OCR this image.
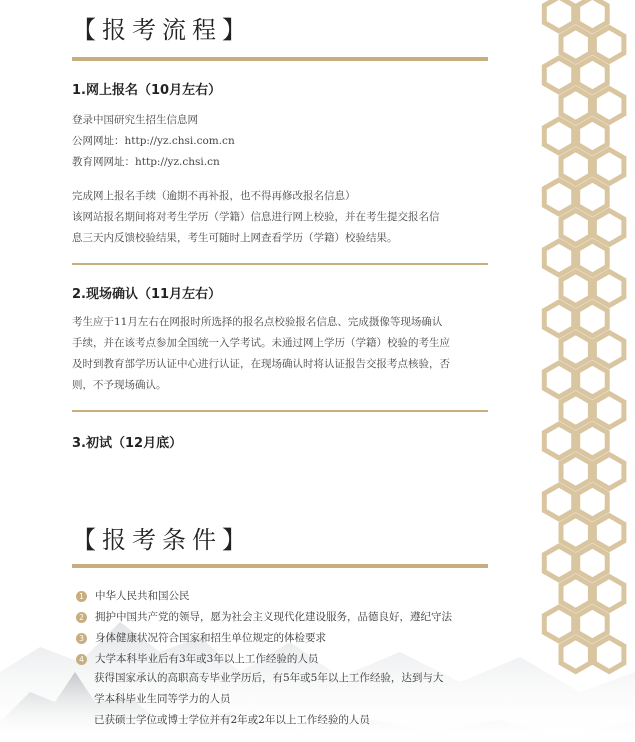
【报考流程】
1.网上报名（10月左右）
登录中国研究生招生信息网
公网网址：http://yz.chsi.com.cn
教育网网址：http://yz.chsi.cn
完成网上报名手续（逾期不再补报，也不得再修改报名信息）
该网站报名期间将对考生学历（学籍）信息进行网上校验，并在考生提交报名信
息三天内反馈校验结果，考生可随时上网查看学历（学籍）校验结果。
2.现场确认（11月左右）
考生应于11月左右在网报时所选择的报名点校验报名信息、完成摄像等现场确认
手续，并在该考点参加全国统一入学考试。未通过网上学历（学籍）校验的考生应
及时到教育部学历认证中心进行认证，在现场确认时将认证报告交报考点核验，否
则，不予现场确认。
3.初试（12月底）
【报考条件】
1 中华人民共和国公民
2 拥护中国共产党的领导，愿为社会主义现代化建设服务，品德良好，遵纪守法
3 身体健康状况符合国家和招生单位规定的体检要求
4 大学本科毕业后有3年或3年以上工作经验的人员
获得国家承认的高职高专毕业学历后，有5年或5年以上工作经验，达到与大
学本科毕业生同等学力的人员
已获硕士学位或博士学位并有2年或2年以上工作经验的人员
